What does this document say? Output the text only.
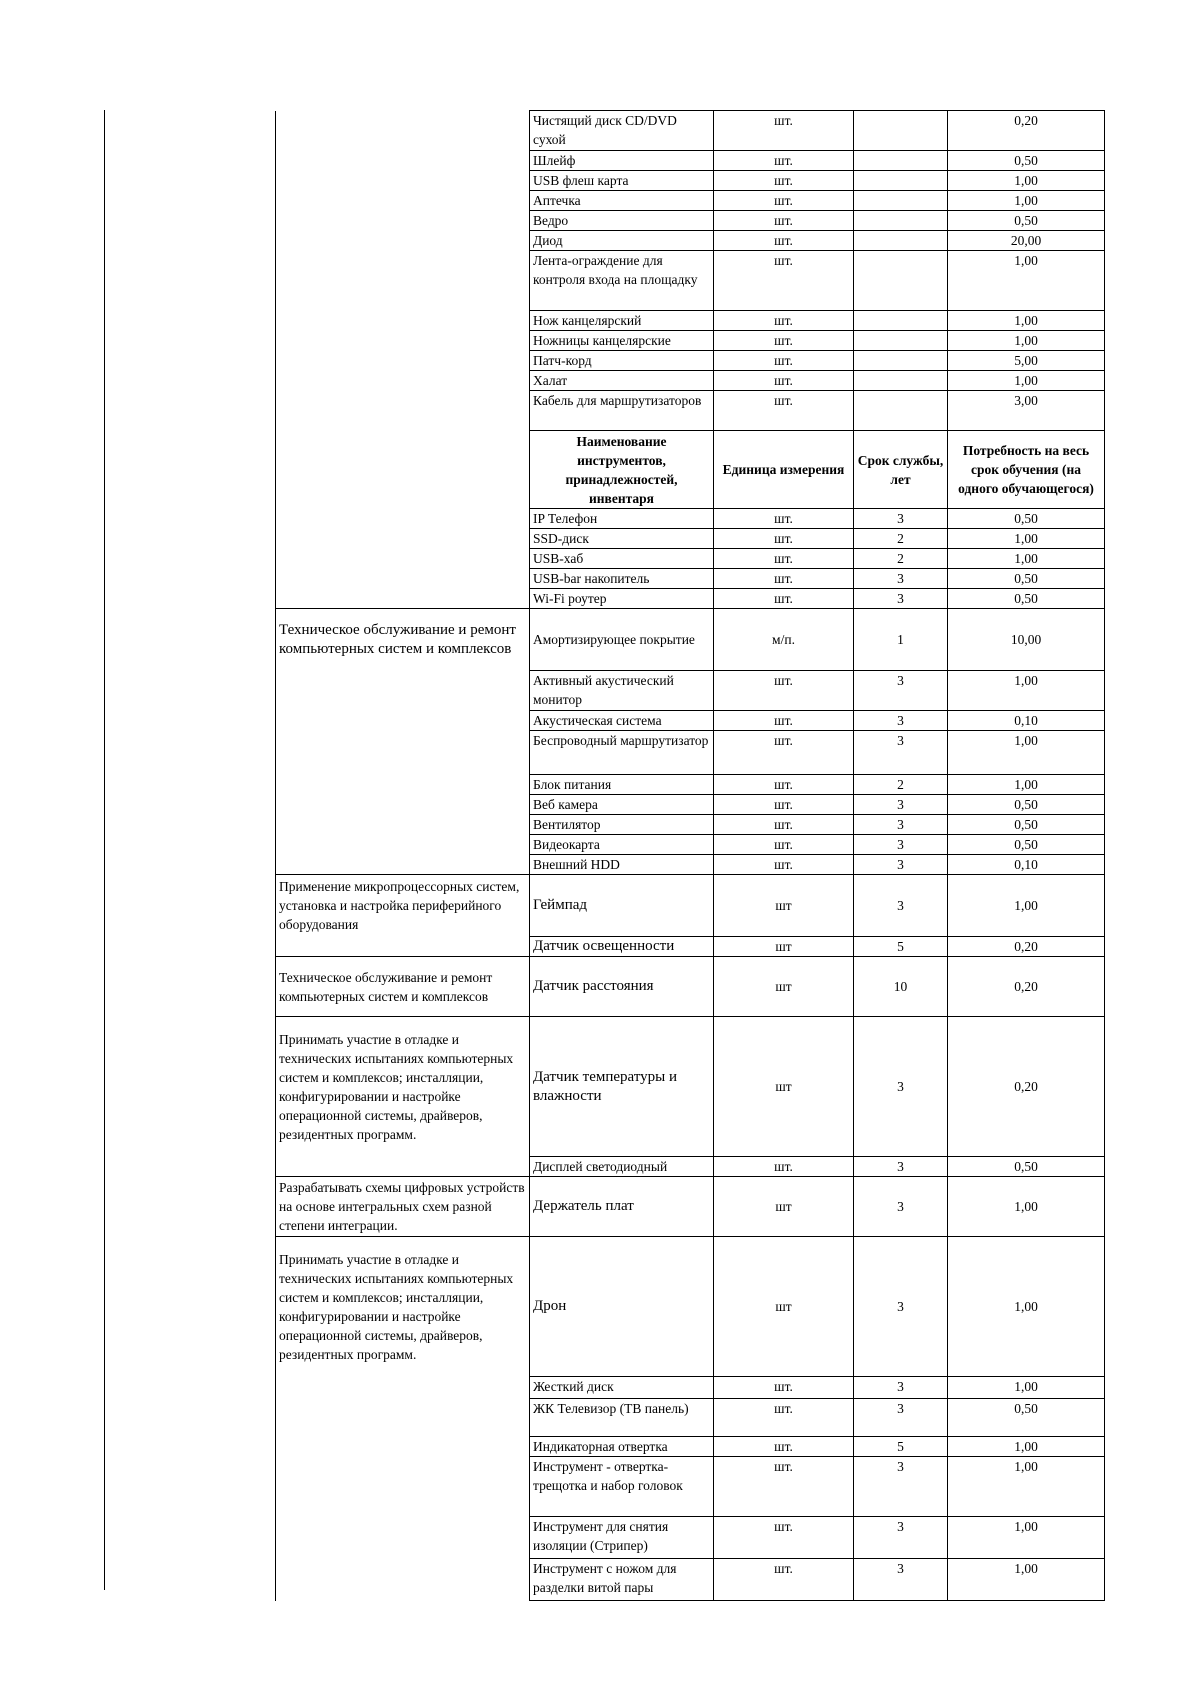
	Чистящий диск CD/DVD сухой	шт.		0,20
	Шлейф	шт.		0,50
	USB флеш карта	шт.		1,00
	Аптечка	шт.		1,00
	Ведро	шт.		0,50
	Диод	шт.		20,00
	Лента-ограждение для контроля входа на площадку	шт.		1,00
	Нож канцелярский	шт.		1,00
	Ножницы канцелярские	шт.		1,00
	Патч-корд	шт.		5,00
	Халат	шт.		1,00
	Кабель для маршрутизаторов	шт.		3,00
	Наименование инструментов, принадлежностей, инвентаря	Единица измерения	Срок службы, лет	Потребность на весь срок обучения (на одного обучающегося)
	IP Телефон	шт.	3	0,50
	SSD-диск	шт.	2	1,00
	USB-хаб	шт.	2	1,00
	USB-bar накопитель	шт.	3	0,50
	Wi-Fi роутер	шт.	3	0,50
Техническое обслуживание и ремонт компьютерных систем и комплексов	Амортизирующее покрытие	м/п.	1	10,00
	Активный акустический монитор	шт.	3	1,00
	Акустическая система	шт.	3	0,10
	Беспроводный маршрутизатор	шт.	3	1,00
	Блок питания	шт.	2	1,00
	Веб камера	шт.	3	0,50
	Вентилятор	шт.	3	0,50
	Видеокарта	шт.	3	0,50
	Внешний HDD	шт.	3	0,10
Применение микропроцессорных систем, установка и настройка периферийного оборудования	Геймпад	шт	3	1,00
	Датчик освещенности	шт	5	0,20
Техническое обслуживание и ремонт компьютерных систем и комплексов	Датчик расстояния	шт	10	0,20
Принимать участие в отладке и технических испытаниях компьютерных систем и комплексов; инсталляции, конфигурировании и настройке операционной системы, драйверов, резидентных программ.	Датчик температуры и влажности	шт	3	0,20
	Дисплей светодиодный	шт.	3	0,50
Разрабатывать схемы цифровых устройств на основе интегральных схем разной степени интеграции.	Держатель плат	шт	3	1,00
Принимать участие в отладке и технических испытаниях компьютерных систем и комплексов; инсталляции, конфигурировании и настройке операционной системы, драйверов, резидентных программ.	Дрон	шт	3	1,00
	Жесткий диск	шт.	3	1,00
	ЖК Телевизор (ТВ панель)	шт.	3	0,50
	Индикаторная отвертка	шт.	5	1,00
	Инструмент - отвертка-трещотка и набор головок	шт.	3	1,00
	Инструмент для снятия изоляции (Стрипер)	шт.	3	1,00
	Инструмент с ножом для разделки витой пары	шт.	3	1,00
